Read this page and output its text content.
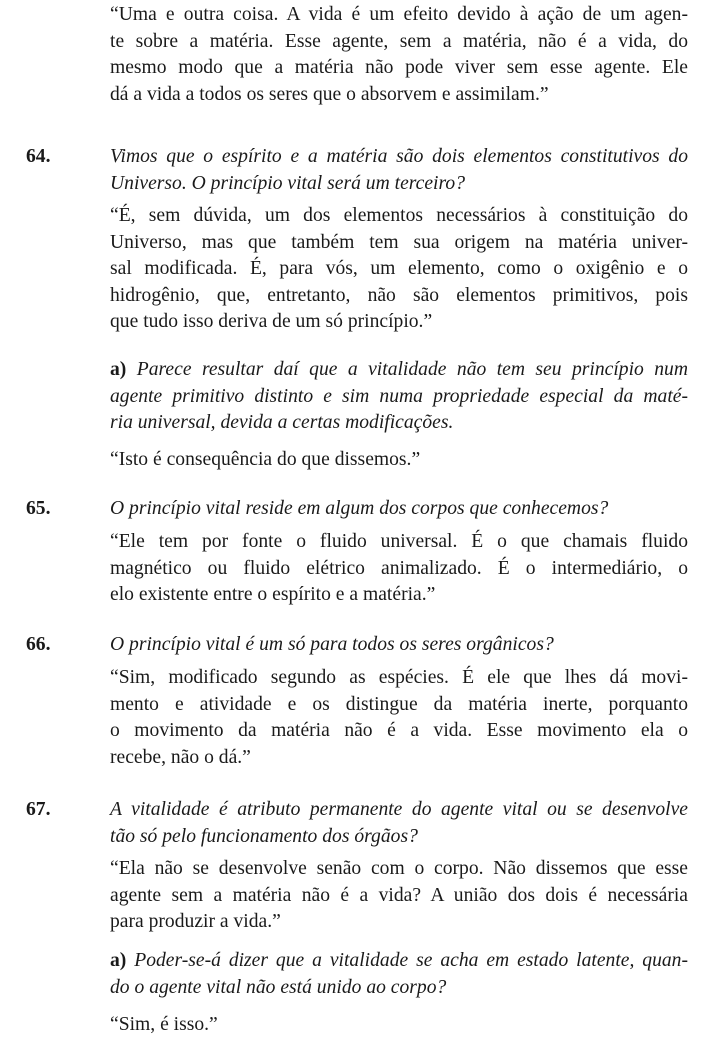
“Uma e outra coisa. A vida é um efeito devido à ação de um agen-
te sobre a matéria. Esse agente, sem a matéria, não é a vida, do
mesmo modo que a matéria não pode viver sem esse agente. Ele
dá a vida a todos os seres que o absorvem e assimilam.”

64.	Vimos que o espírito e a matéria são dois elementos constitutivos do
Universo. O princípio vital será um terceiro?
“É, sem dúvida, um dos elementos necessários à constituição do
Universo, mas que também tem sua origem na matéria univer-
sal modificada. É, para vós, um elemento, como o oxigênio e o
hidrogênio, que, entretanto, não são elementos primitivos, pois
que tudo isso deriva de um só princípio.”
a) Parece resultar daí que a vitalidade não tem seu princípio num
agente primitivo distinto e sim numa propriedade especial da maté-
ria universal, devida a certas modificações.
“Isto é consequência do que dissemos.”

65.	O princípio vital reside em algum dos corpos que conhecemos?
“Ele tem por fonte o fluido universal. É o que chamais fluido
magnético ou fluido elétrico animalizado. É o intermediário, o
elo existente entre o espírito e a matéria.”

66.	O princípio vital é um só para todos os seres orgânicos?
“Sim, modificado segundo as espécies. É ele que lhes dá movi-
mento e atividade e os distingue da matéria inerte, porquanto
o movimento da matéria não é a vida. Esse movimento ela o
recebe, não o dá.”

67.	A vitalidade é atributo permanente do agente vital ou se desenvolve
tão só pelo funcionamento dos órgãos?
“Ela não se desenvolve senão com o corpo. Não dissemos que esse
agente sem a matéria não é a vida? A união dos dois é necessária
para produzir a vida.”
a) Poder-se-á dizer que a vitalidade se acha em estado latente, quan-
do o agente vital não está unido ao corpo?
“Sim, é isso.”
